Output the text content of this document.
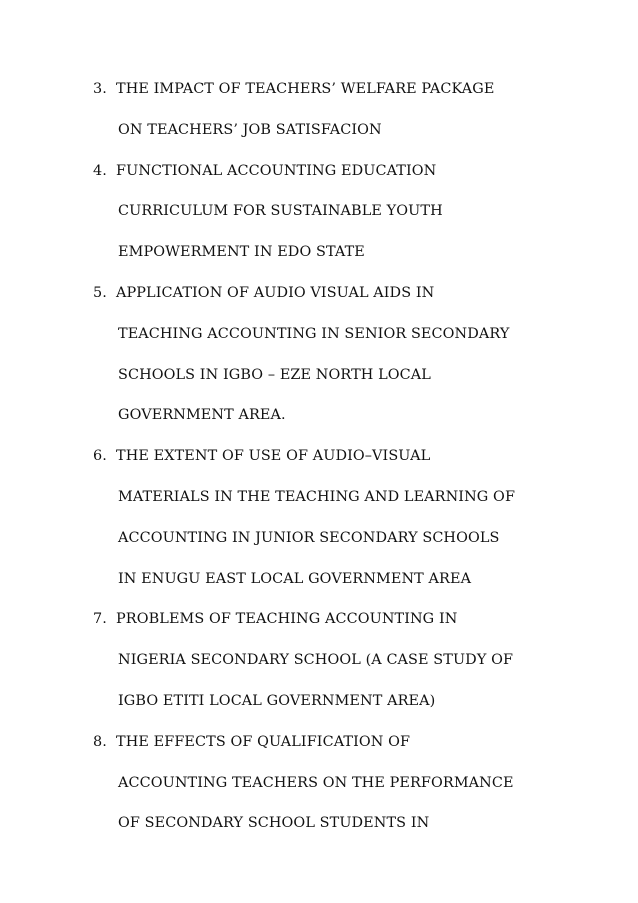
3. THE IMPACT OF TEACHERS’ WELFARE PACKAGE
ON TEACHERS’ JOB SATISFACION
4. FUNCTIONAL ACCOUNTING EDUCATION
CURRICULUM FOR SUSTAINABLE YOUTH
EMPOWERMENT IN EDO STATE
5. APPLICATION OF AUDIO VISUAL AIDS IN
TEACHING ACCOUNTING IN SENIOR SECONDARY
SCHOOLS IN IGBO – EZE NORTH LOCAL
GOVERNMENT AREA.
6. THE EXTENT OF USE OF AUDIO–VISUAL
MATERIALS IN THE TEACHING AND LEARNING OF
ACCOUNTING IN JUNIOR SECONDARY SCHOOLS
IN ENUGU EAST LOCAL GOVERNMENT AREA
7. PROBLEMS OF TEACHING ACCOUNTING IN
NIGERIA SECONDARY SCHOOL (A CASE STUDY OF
IGBO ETITI LOCAL GOVERNMENT AREA)
8. THE EFFECTS OF QUALIFICATION OF
ACCOUNTING TEACHERS ON THE PERFORMANCE
OF SECONDARY SCHOOL STUDENTS IN
